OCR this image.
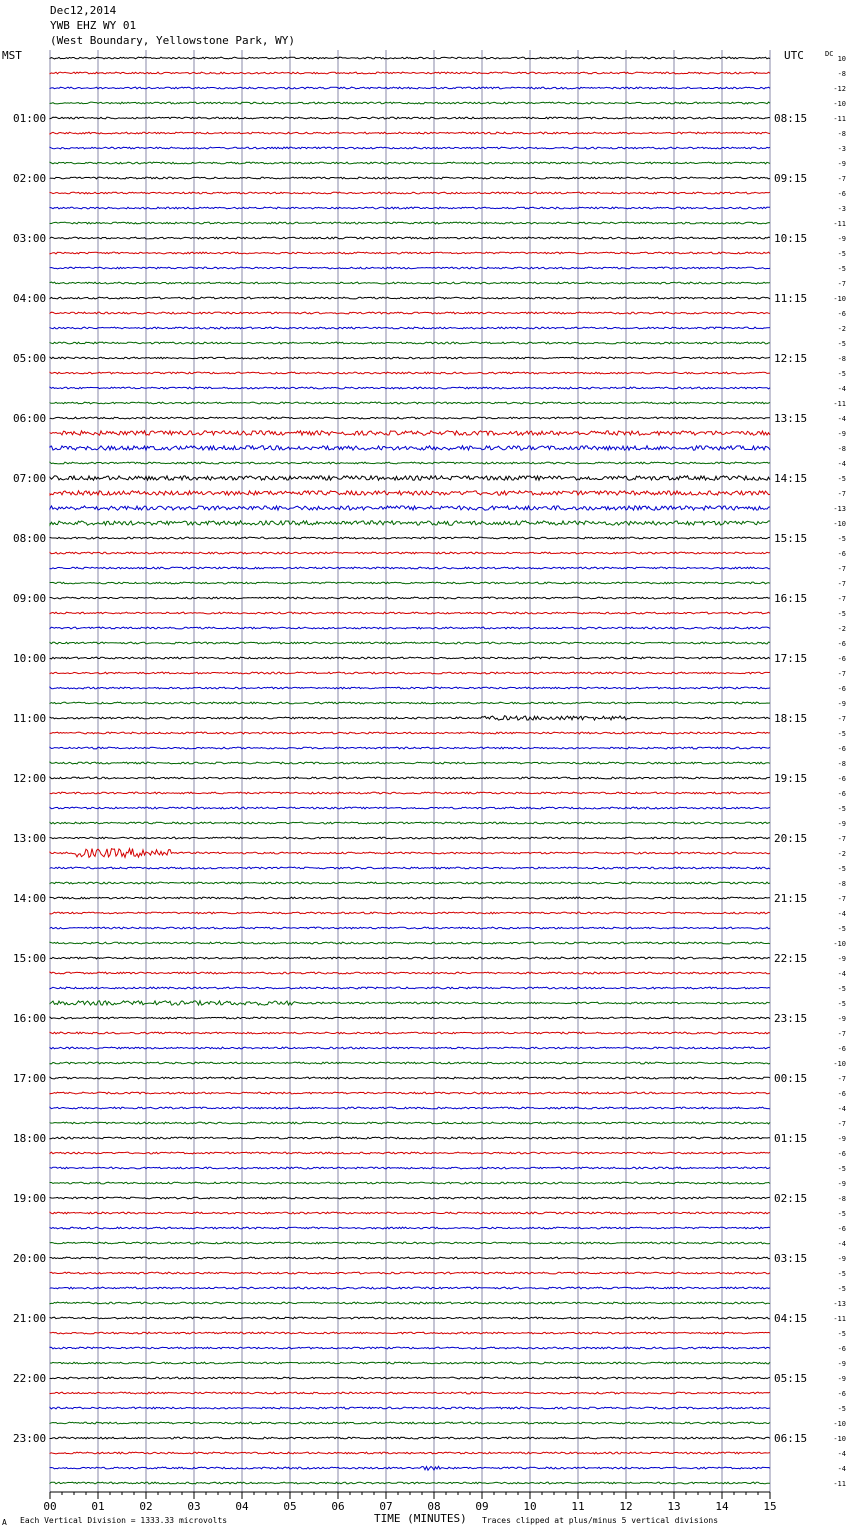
Dec12,2014
YWB EHZ WY 01
(West Boundary, Yellowstone Park, WY)
MST	UTC	10
-8
-12
-10
-11
-8
-3
-9
-7
-6
-3
-11
-9
-5
-5
-7
-10
-6
-2
-5
-8
-5
-4
-11
-4
-9
-8
-4
-5
-7
-13
-10
-5
-6
-7
-7
-7
-5
-2
-6
-6
-7
-6
-9
-7
-5
-6
-8
-6
-6
-5
-9
-7
-2
-5
-8
-7
-4
-5
-10
-9
-4
-5
-5
-9
-7
-6
-10
-7
-6
-4
-7
-9
-6
-5
-9
-8
-5
-6
-4
-9
-5
-5
-13
-11
-5
-6
-9
-9
-6
-5
-10
-10
-4
-4
-11
DC
01:00
02:00
03:00
04:00
05:00
06:00
07:00
08:00
09:00
10:00
11:00
12:00
13:00
14:00
15:00
16:00
17:00
18:00
19:00
20:00
21:00
22:00
23:00
08:15
09:15
10:15
11:15
12:15
13:15
14:15
15:15
16:15
17:15
18:15
19:15
20:15
21:15
22:15
23:15
00:15
01:15
02:15
03:15
04:15
05:15
06:15
00	01	02	03	04	05	06	07	08	09	10	11	12	13	14	15
A Each Vertical Division = 1333.33 microvolts	TIME (MINUTES) Traces clipped at plus/minus 5 vertical divisions
